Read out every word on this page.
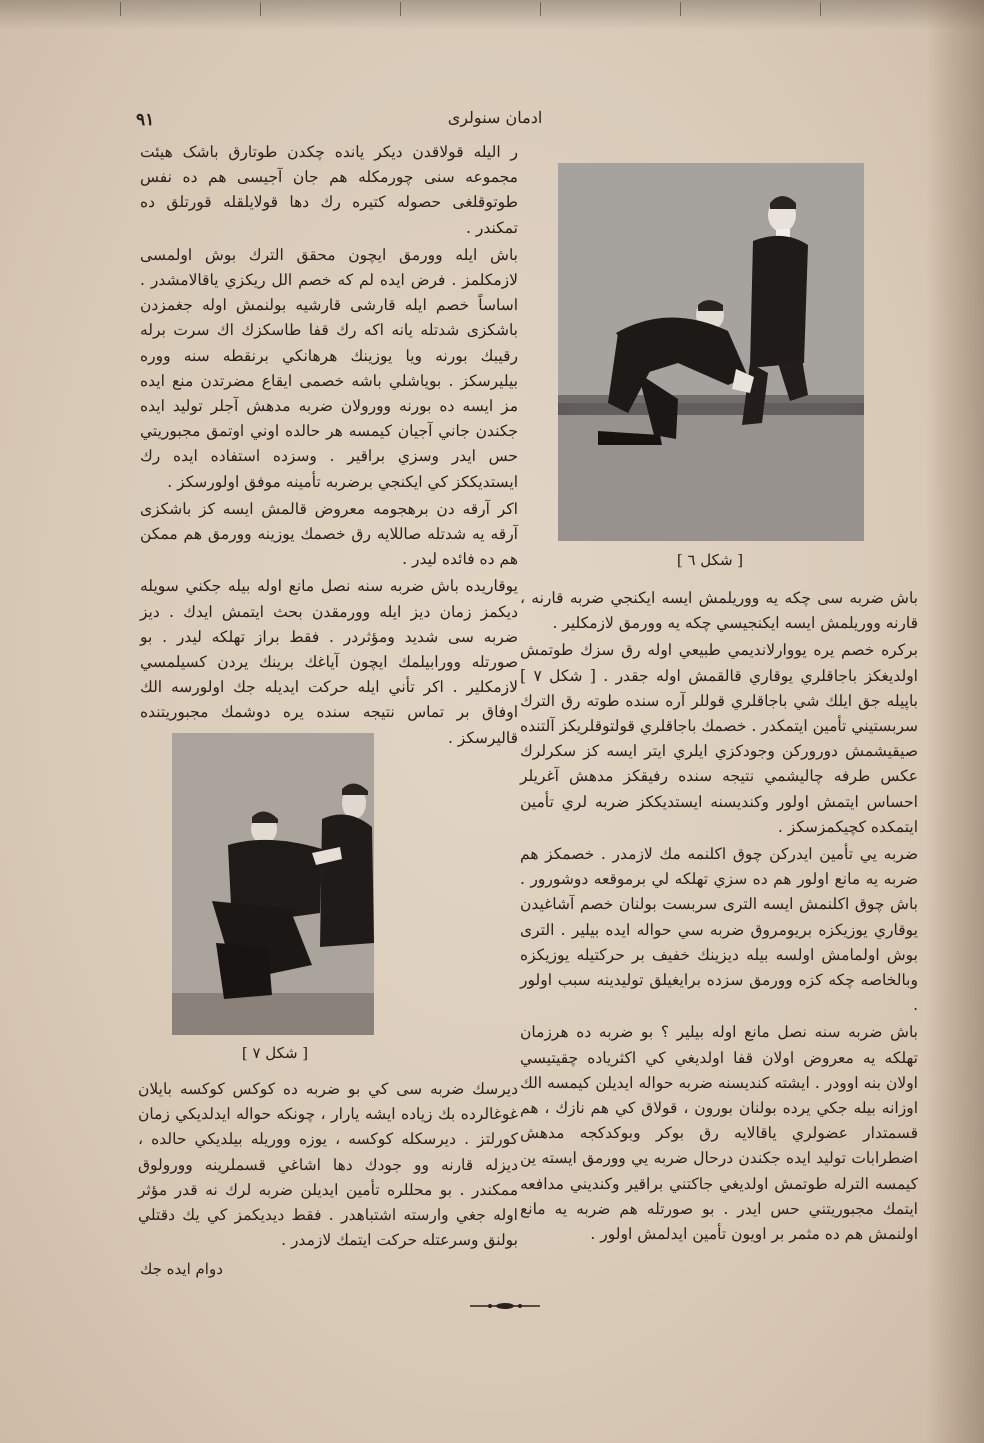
ادمان سنولری
٩١
[ شكل ٦ ]
[ شكل ٧ ]

ر الیله قولاقدن دیکر یانده چکدن طوتارق باشک هیئت مجموعه سنی چورمکله هم جان آجیسی هم ده نفس طوتوقلغی حصوله کتیره رك دها قولایلقله قورتلق ده تمکندر .

باش ایله وورمق ایچون محقق الترك بوش اولمسی لازمکلمز . فرض ایده لم که خصم الل ريكزي ياقالامشدر . اساساً خصم ایله قارشی قارشیه بولنمش اوله جغمزدن باشکزی شدتله یانه اکه رك قفا طاسکزك اك سرت برله رقيبك بورنه ويا يوزينك هرهانكي برنقطه سنه ووره بيليرسكز . بوياشلي باشه خصمی ايقاع مضرتدن منع ايده مز ايسه ده بورنه وورولان ضربه مدهش آجلر توليد ايده جكندن جاني آجيان كيمسه هر حالده اوني اوتمق مجبوريتي حس ايدر وسزي براقير . وسزده استفاده ايده رك ايستديككز كي ايكنجي برضربه تأمينه موفق اولورسكز .

اکر آرقه دن برهجومه معروض قالمش ایسه کز باشکزی آرقه یه شدتله صاللایه رق خصمك یوزینه وورمق هم ممكن هم ده فائده لیدر .

یوقاریده باش ضربه سنه نصل مانع اوله بيله جكني سويله ديكمز زمان دیز ایله وورمقدن بحث ایتمش ایدك . دیز ضربه سی شدید ومؤثردر . فقط براز تهلكه ليدر . بو صورتله وورابيلمك ايچون آياغك برينك يردن كسيلمسي لازمكلير . اكر تأني ايله حركت ايديله جك اولورسه الك اوفاق بر تماس نتيجه سنده يره دوشمك مجبوريتنده قاليرسكز .

باش ضربه سی چکه يه ووريلمش ايسه ايكنجي ضربه قارنه ، قارنه ووريلمش ايسه ايكنجيسي چكه يه وورمق لازمكلير .

بركره خصم يره يووارلانديمي طبيعي اوله رق سزك طوتمش اولديغكز باجاقلري يوقاري قالقمش اوله جقدر . [ شكل ٧ ] باپيله جق ايلك شي باجاقلري قوللر آره سنده طوته رق الترك سربستيني تأمين ايتمكدر . خصمك باجاقلري قولتوقلريكز آلتنده صيقيشمش دوروركن وجودكزي ايلري ايتر ايسه كز سكرلرك عكس طرفه چاليشمي نتيجه سنده رفيقكز مدهش آغريلر احساس ايتمش اولور وكنديسنه ايستديككز ضربه لري تأمين ايتمكده كچيكمزسكز .

ضربه يي تأمين ايدركن چوق اكلنمه مك لازمدر . خصمكز هم ضربه يه مانع اولور هم ده سزي تهلكه لي برموقعه دوشورور . باش چوق اكلنمش ايسه الترى سربست بولنان خصم آشاغيدن يوقاري يوزيكزه بريومروق ضربه سي حواله ايده بيلير . الترى بوش اولمامش اولسه بيله ديزينك خفيف بر حركتيله يوزيكزه وبالخاصه چكه كزه وورمق سزده برايغيلق توليدينه سبب اولور .

باش ضربه سنه نصل مانع اوله بيلير ؟ بو ضربه ده هرزمان تهلكه يه معروض اولان قفا اولديغي كي اكثرياده چقيتيسي اولان بنه اوودر . ايشته كنديسنه ضربه حواله ايديلن كيمسه الك اوزانه بيله جكي يرده بولنان بورون ، قولاق كي هم نازك ، هم قسمتدار عضولري ياقالايه رق بوكر وبوكدكجه مدهش اضطرابات توليد ايده جكندن درحال ضربه يي وورمق ايسته ين كيمسه الترله طوتمش اولديغي جاكتني براقير وكنديني مدافعه ايتمك مجبوريتني حس ايدر . بو صورتله هم ضربه يه مانع اولنمش هم ده مثمر بر اويون تأمين ايدلمش اولور .

دیرسك ضربه سی كي بو ضربه ده كوكس كوكسه بايلان غوغالرده بك زياده ايشه يارار ، چونكه حواله ايدلديكي زمان كورلتز . ديرسكله كوكسه ، يوزه ووريله بيلديكي حالده ، ديزله قارنه وو جودك دها اشاغي قسملرينه وورولوق ممكندر . بو محللره تأمين ايديلن ضربه لرك نه قدر مؤثر اوله جغي وارسته اشتباهدر . فقط ديديكمز كي يك دقتلي بولنق وسرعتله حركت ايتمك لازمدر .

دوام ايده جك
